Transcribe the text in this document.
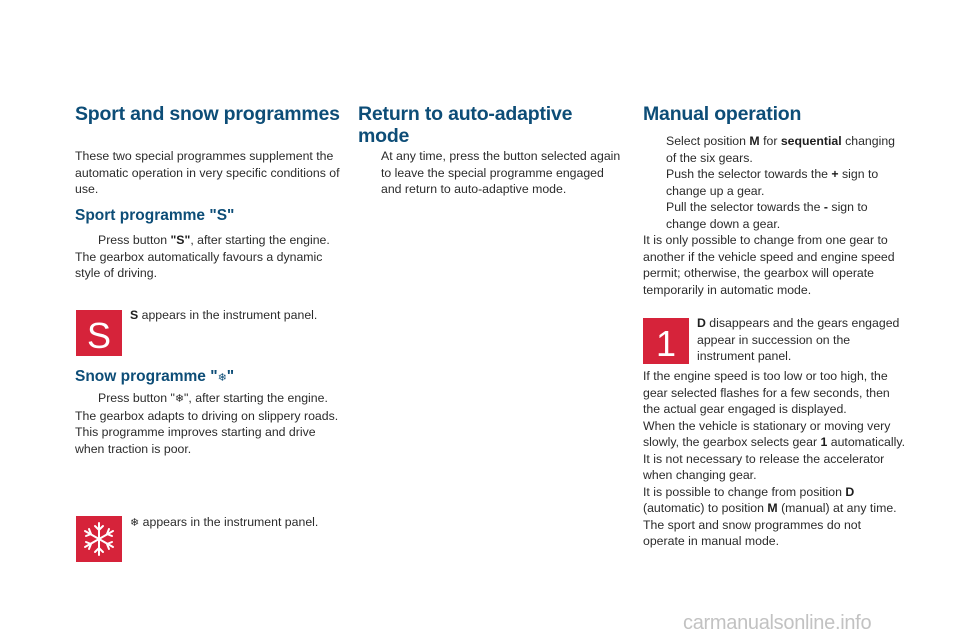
Sport and snow programmes

These two special programmes supplement the automatic operation in very specific conditions of use.

Sport programme "S"

Press button "S", after starting the engine.

The gearbox automatically favours a dynamic style of driving.

S S appears in the instrument panel.

Snow programme "❄"

Press button "❄", after starting the engine.

The gearbox adapts to driving on slippery roads.

This programme improves starting and drive when traction is poor.

❄ appears in the instrument panel.

Return to auto-adaptive mode

At any time, press the button selected again to leave the special programme engaged and return to auto-adaptive mode.

Manual operation

Select position M for sequential changing of the six gears.

Push the selector towards the + sign to change up a gear.

Pull the selector towards the - sign to change down a gear.

It is only possible to change from one gear to another if the vehicle speed and engine speed permit; otherwise, the gearbox will operate temporarily in automatic mode.

1 D disappears and the gears engaged appear in succession on the instrument panel.

If the engine speed is too low or too high, the gear selected flashes for a few seconds, then the actual gear engaged is displayed.

When the vehicle is stationary or moving very slowly, the gearbox selects gear 1 automatically.

It is not necessary to release the accelerator when changing gear.

It is possible to change from position D (automatic) to position M (manual) at any time.

The sport and snow programmes do not operate in manual mode.

carmanualsonline.info
